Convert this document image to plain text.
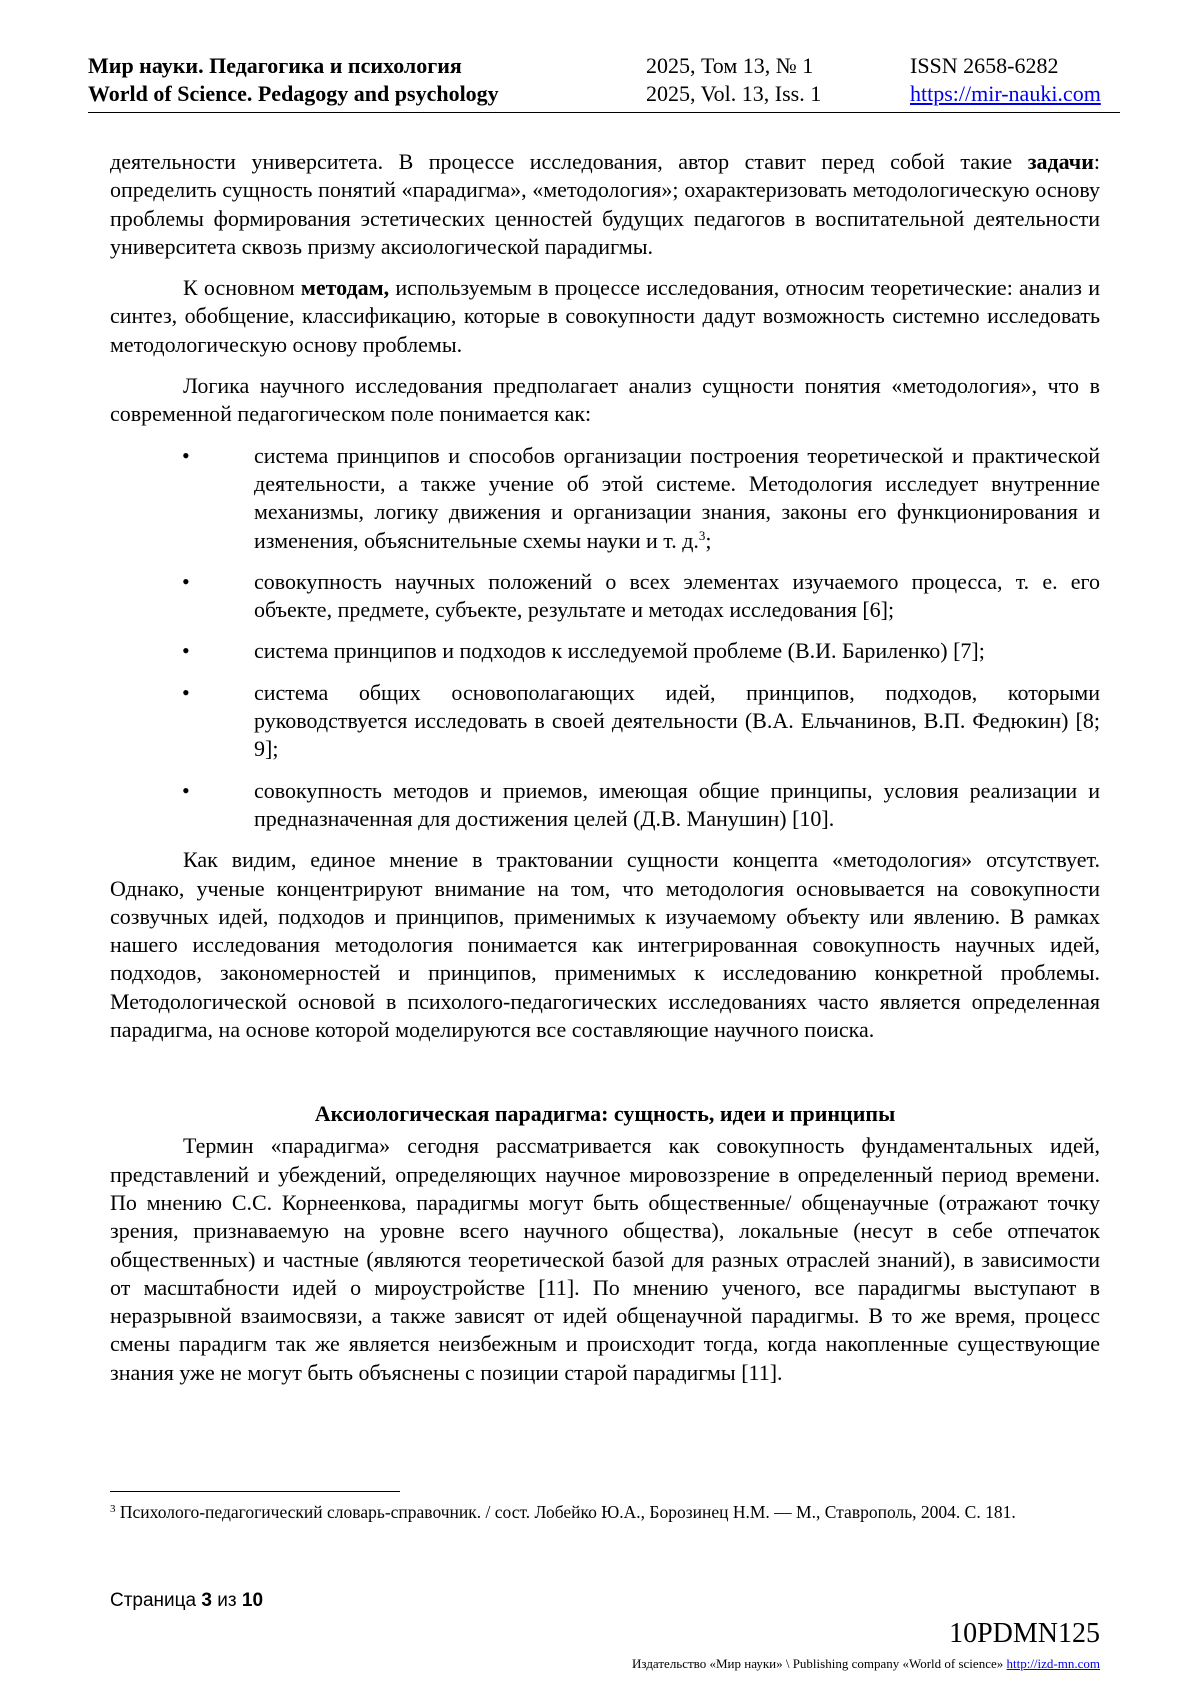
Мир науки. Педагогика и психология
World of Science. Pedagogy and psychology
2025, Том 13, № 1
2025, Vol. 13, Iss. 1
ISSN 2658-6282
https://mir-nauki.com

деятельности университета. В процессе исследования, автор ставит перед собой такие задачи: определить сущность понятий «парадигма», «методология»; охарактеризовать методологическую основу проблемы формирования эстетических ценностей будущих педагогов в воспитательной деятельности университета сквозь призму аксиологической парадигмы.

К основном методам, используемым в процессе исследования, относим теоретические: анализ и синтез, обобщение, классификацию, которые в совокупности дадут возможность системно исследовать методологическую основу проблемы.

Логика научного исследования предполагает анализ сущности понятия «методология», что в современной педагогическом поле понимается как:

•	система принципов и способов организации построения теоретической и практической деятельности, а также учение об этой системе. Методология исследует внутренние механизмы, логику движения и организации знания, законы его функционирования и изменения, объяснительные схемы науки и т. д.$^3$;
•	совокупность научных положений о всех элементах изучаемого процесса, т. е. его объекте, предмете, субъекте, результате и методах исследования [6];
•	система принципов и подходов к исследуемой проблеме (В.И. Бариленко) [7];
•	система общих основополагающих идей, принципов, подходов, которыми руководствуется исследовать в своей деятельности (В.А. Ельчанинов, В.П. Федюкин) [8; 9];
•	совокупность методов и приемов, имеющая общие принципы, условия реализации и предназначенная для достижения целей (Д.В. Манушин) [10].

Как видим, единое мнение в трактовании сущности концепта «методология» отсутствует. Однако, ученые концентрируют внимание на том, что методология основывается на совокупности созвучных идей, подходов и принципов, применимых к изучаемому объекту или явлению. В рамках нашего исследования методология понимается как интегрированная совокупность научных идей, подходов, закономерностей и принципов, применимых к исследованию конкретной проблемы. Методологической основой в психолого-педагогических исследованиях часто является определенная парадигма, на основе которой моделируются все составляющие научного поиска.

Аксиологическая парадигма: сущность, идеи и принципы

Термин «парадигма» сегодня рассматривается как совокупность фундаментальных идей, представлений и убеждений, определяющих научное мировоззрение в определенный период времени. По мнению С.С. Корнеенкова, парадигмы могут быть общественные/ общенаучные (отражают точку зрения, признаваемую на уровне всего научного общества), локальные (несут в себе отпечаток общественных) и частные (являются теоретической базой для разных отраслей знаний), в зависимости от масштабности идей о мироустройстве [11]. По мнению ученого, все парадигмы выступают в неразрывной взаимосвязи, а также зависят от идей общенаучной парадигмы. В то же время, процесс смены парадигм так же является неизбежным и происходит тогда, когда накопленные существующие знания уже не могут быть объяснены с позиции старой парадигмы [11].

$^3$ Психолого-педагогический словарь-справочник. / сост. Лобейко Ю.А., Борозинец Н.М. — М., Ставрополь, 2004. С. 181.
Страница 3 из 10
10PDMN125
Издательство «Мир науки» \ Publishing company «World of science» http://izd-mn.com
